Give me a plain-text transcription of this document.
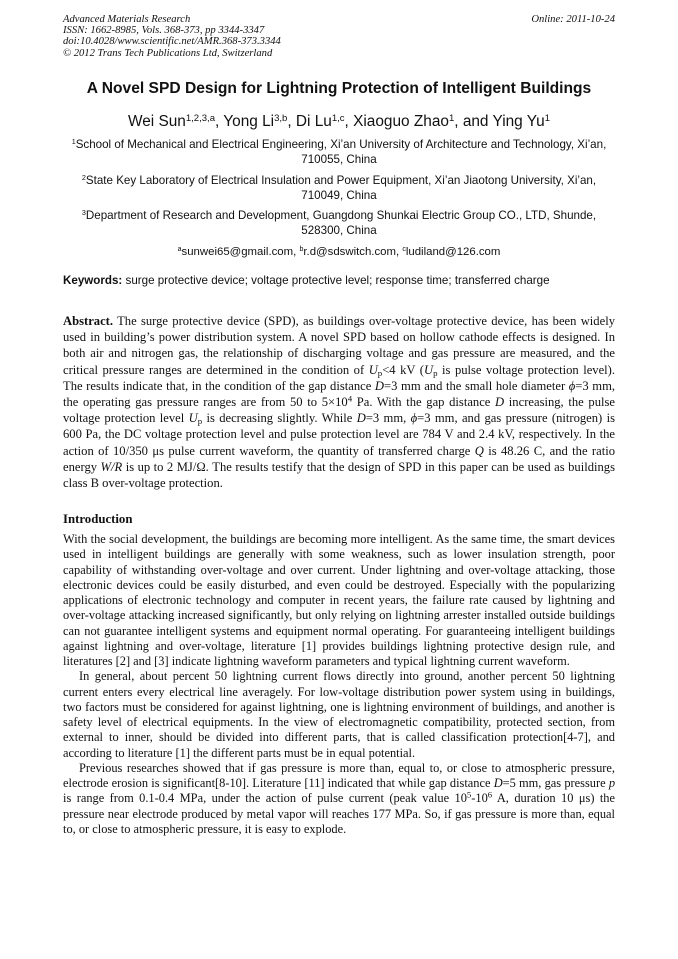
Advanced Materials Research
ISSN: 1662-8985, Vols. 368-373, pp 3344-3347
doi:10.4028/www.scientific.net/AMR.368-373.3344
© 2012 Trans Tech Publications Ltd, Switzerland
Online: 2011-10-24
A Novel SPD Design for Lightning Protection of Intelligent Buildings
Wei Sun$^{1,2,3,a}$, Yong Li$^{3,b}$, Di Lu$^{1,c}$, Xiaoguo Zhao$^1$, and Ying Yu$^1$
$^1$School of Mechanical and Electrical Engineering, Xi’an University of Architecture and Technology, Xi’an, 710055, China
$^2$State Key Laboratory of Electrical Insulation and Power Equipment, Xi’an Jiaotong University, Xi’an, 710049, China
$^3$Department of Research and Development, Guangdong Shunkai Electric Group CO., LTD, Shunde, 528300, China
$^a$sunwei65@gmail.com, $^b$r.d@sdswitch.com, $^c$ludiland@126.com
Keywords: surge protective device; voltage protective level; response time; transferred charge
Abstract. The surge protective device (SPD), as buildings over-voltage protective device, has been widely used in building’s power distribution system. A novel SPD based on hollow cathode effects is designed. In both air and nitrogen gas, the relationship of discharging voltage and gas pressure are measured, and the critical pressure ranges are determined in the condition of $U_p<4$ kV ($U_p$ is pulse voltage protection level). The results indicate that, in the condition of the gap distance D=3 mm and the small hole diameter ϕ=3 mm, the operating gas pressure ranges are from 50 to $5\times 10^4$ Pa. With the gap distance D increasing, the pulse voltage protection level $U_p$ is decreasing slightly. While D=3 mm, ϕ=3 mm, and gas pressure (nitrogen) is 600 Pa, the DC voltage protection level and pulse protection level are 784 V and 2.4 kV, respectively. In the action of 10/350 μs pulse current waveform, the quantity of transferred charge Q is 48.26 C, and the ratio energy W/R is up to 2 MJ/Ω. The results testify that the design of SPD in this paper can be used as buildings class B over-voltage protection.
Introduction

With the social development, the buildings are becoming more intelligent. As the same time, the smart devices used in intelligent buildings are generally with some weakness, such as lower insulation strength, poor capability of withstanding over-voltage and over current. Under lightning and over-voltage attacking, those electronic devices could be easily disturbed, and even could be destroyed. Especially with the popularizing applications of electronic technology and computer in recent years, the failure rate caused by lightning and over-voltage attacking increased significantly, but only relying on lightning arrester installed outside buildings can not guarantee intelligent systems and equipment normal operating. For guaranteeing intelligent buildings against lightning and over-voltage, literature [1] provides buildings lightning protective design rule, and literatures [2] and [3] indicate lightning waveform parameters and typical lightning current waveform.

In general, about percent 50 lightning current flows directly into ground, another percent 50 lightning current enters every electrical line averagely. For low-voltage distribution power system using in buildings, two factors must be considered for against lightning, one is lightning environment of buildings, and another is safety level of electrical equipments. In the view of electromagnetic compatibility, protected section, from external to inner, should be divided into different parts, that is called classification protection[4-7], and according to literature [1] the different parts must be in equal potential.

Previous researches showed that if gas pressure is more than, equal to, or close to atmospheric pressure, electrode erosion is significant[8-10]. Literature [11] indicated that while gap distance D=5 mm, gas pressure p is range from 0.1-0.4 MPa, under the action of pulse current (peak value $10^5-10^6$ A, duration 10 μs) the pressure near electrode produced by metal vapor will reaches 177 MPa. So, if gas pressure is more than, equal to, or close to atmospheric pressure, it is easy to explode.
